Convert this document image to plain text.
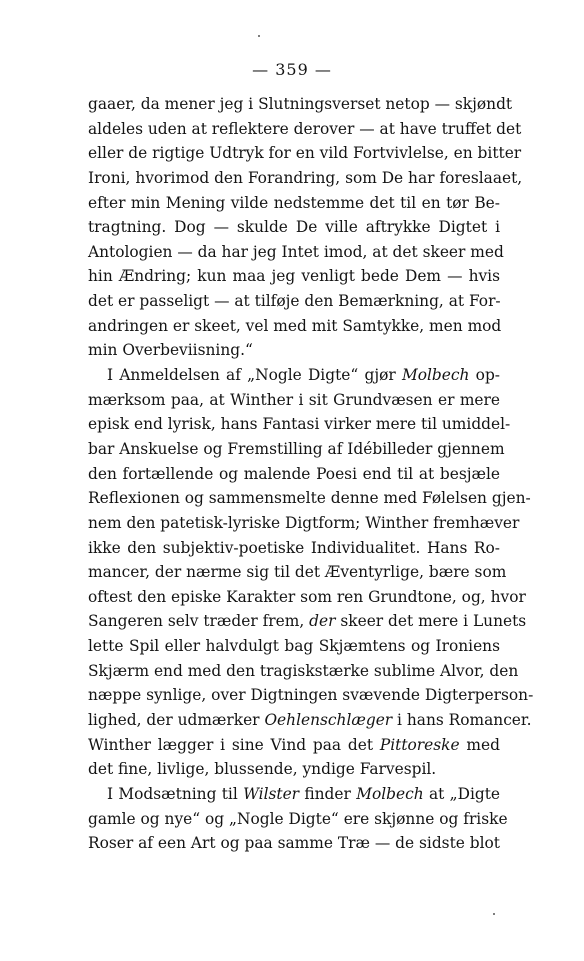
— 359 —
gaaer, da mener jeg i Slutningsverset netop — skjøndt
aldeles uden at reflektere derover — at have truffet det
eller de rigtige Udtryk for en vild Fortvivlelse, en bitter
Ironi, hvorimod den Forandring, som De har foreslaaet,
efter min Mening vilde nedstemme det til en tør Be-
tragtning. Dog — skulde De ville aftrykke Digtet i
Antologien — da har jeg Intet imod, at det skeer med
hin Ændring; kun maa jeg venligt bede Dem — hvis
det er passeligt — at tilføje den Bemærkning, at For-
andringen er skeet, vel med mit Samtykke, men mod
min Overbeviisning.“
I Anmeldelsen af „Nogle Digte“ gjør Molbech op-
mærksom paa, at Winther i sit Grundvæsen er mere
episk end lyrisk, hans Fantasi virker mere til umiddel-
bar Anskuelse og Fremstilling af Idébilleder gjennem
den fortællende og malende Poesi end til at besjæle
Reflexionen og sammensmelte denne med Følelsen gjen-
nem den patetisk-lyriske Digtform; Winther fremhæver
ikke den subjektiv-poetiske Individualitet. Hans Ro-
mancer, der nærme sig til det Æventyrlige, bære som
oftest den episke Karakter som ren Grundtone, og, hvor
Sangeren selv træder frem, der skeer det mere i Lunets
lette Spil eller halvdulgt bag Skjæmtens og Ironiens
Skjærm end med den tragiskstærke sublime Alvor, den
næppe synlige, over Digtningen svævende Digterperson-
lighed, der udmærker Oehlenschlæger i hans Romancer.
Winther lægger i sine Vind paa det Pittoreske med
det fine, livlige, blussende, yndige Farvespil.
I Modsætning til Wilster finder Molbech at „Digte
gamle og nye“ og „Nogle Digte“ ere skjønne og friske
Roser af een Art og paa samme Træ — de sidste blot
